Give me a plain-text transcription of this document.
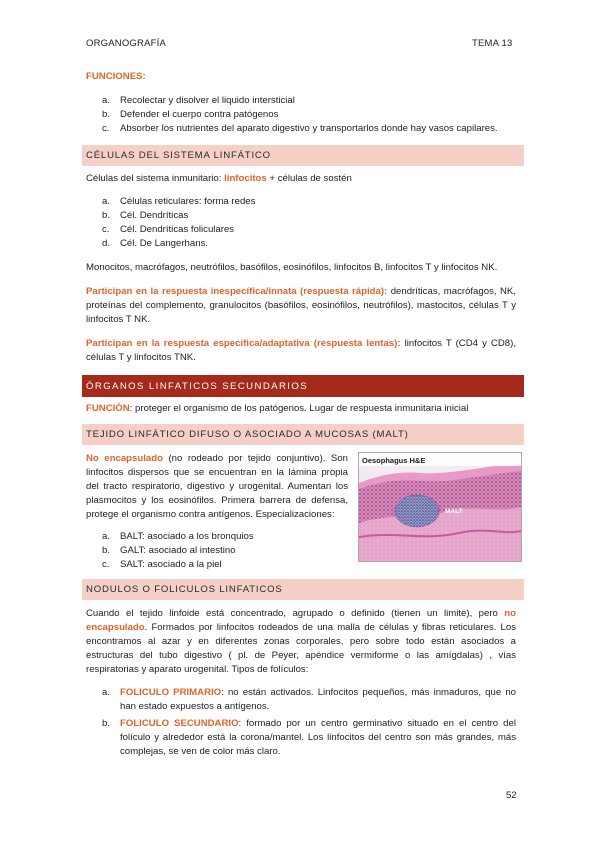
ORGANOGRAFÍA	TEMA 13
FUNCIONES:
a. Recolectar y disolver el liquido intersticial
b. Defender el cuerpo contra patógenos
c. Absorber los nutrientes del aparato digestivo y transportarlos donde hay vasos capilares.
CÉLULAS DEL SISTEMA LINFÁTICO

Células del sistema inmunitario: linfocitos + células de sostén

a. Células reticulares: forma redes
b. Cél. Dendríticas
c. Cél. Dendríticas foliculares
d. Cél. De Langerhans.

Monocitos, macrófagos, neutrófilos, basófilos, eosinófilos, linfocitos B, linfocitos T y linfocitos NK.

Participan en la respuesta inespecífica/innata (respuesta rápida): dendríticas, macrófagos, NK, proteínas del complemento, granulocitos (basófilos, eosinófilos, neutrófilos), mastocitos, células T y linfocitos T NK.

Participan en la respuesta específica/adaptativa (respuesta lentas): linfocitos T (CD4 y CD8), células T y linfocitos TNK.

ÓRGANOS LINFATICOS SECUNDARIOS

FUNCIÓN: proteger el organismo de los patógenos. Lugar de respuesta inmunitaria inicial

TEJIDO LINFÁTICO DIFUSO O ASOCIADO A MUCOSAS (MALT)

No encapsulado (no rodeado por tejido conjuntivo). Son linfocitos dispersos que se encuentran en la lámina propia del tracto respiratorio, digestivo y urogenital. Aumentan los plasmocitos y los eosinófilos. Primera barrera de defensa, protege el organismo contra antígenos. Especializaciones:

a. BALT: asociado a los bronquios
b. GALT: asociado al intestino
c. SALT: asociado a la piel
Oesophagus H&E
MALT
NODULOS O FOLICULOS LINFATICOS

Cuando el tejido linfoide está concentrado, agrupado o definido (tienen un limite), pero no encapsulado. Formados por linfocitos rodeados de una malla de células y fibras reticulares. Los encontramos al azar y en diferentes zonas corporales, pero sobre todo están asociados a estructuras del tubo digestivo ( pl. de Peyer, apéndice vermiforme o las amígdalas) , vías respiratorias y aparato urogenital. Tipos de folículos:

a. FOLICULO PRIMARIO: no están activados. Linfocitos pequeños, más inmaduros, que no han estado expuestos a antígenos.
b. FOLICULO SECUNDARIO: formado por un centro germinativo situado en el centro del folículo y alrededor está la corona/mantel. Los linfocitos del centro son más grandes, más complejas, se ven de color más claro.
52
